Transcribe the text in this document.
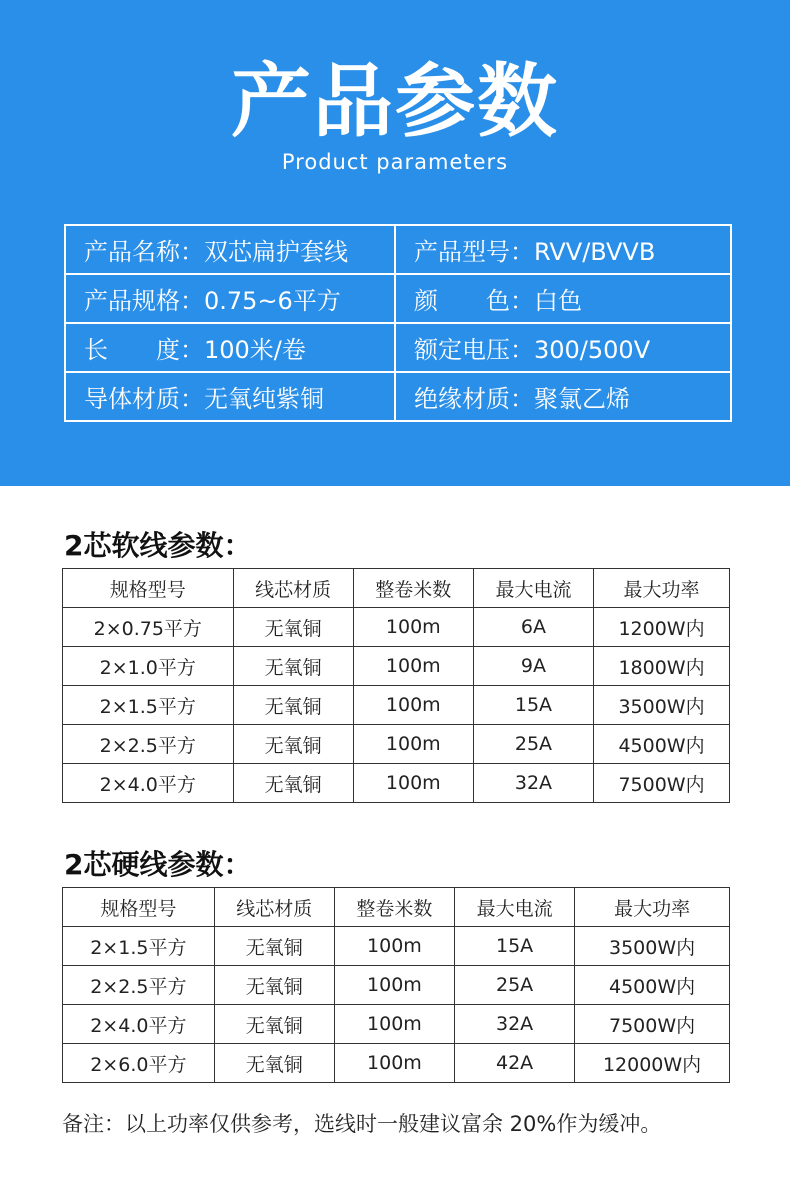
产品参数
Product parameters
产品名称：双芯扁护套线	产品型号：RVV/BVVB
产品规格：0.75~6平方	颜 色：白色
长 度：100米/卷	额定电压：300/500V
导体材质：无氧纯紫铜	绝缘材质：聚氯乙烯
2芯软线参数：
规格型号	线芯材质	整卷米数	最大电流	最大功率
2×0.75平方	无氧铜	100m	6A	1200W内
2×1.0平方	无氧铜	100m	9A	1800W内
2×1.5平方	无氧铜	100m	15A	3500W内
2×2.5平方	无氧铜	100m	25A	4500W内
2×4.0平方	无氧铜	100m	32A	7500W内
2芯硬线参数：
规格型号	线芯材质	整卷米数	最大电流	最大功率
2×1.5平方	无氧铜	100m	15A	3500W内
2×2.5平方	无氧铜	100m	25A	4500W内
2×4.0平方	无氧铜	100m	32A	7500W内
2×6.0平方	无氧铜	100m	42A	12000W内
备注：以上功率仅供参考，选线时一般建议富余 20%作为缓冲。
